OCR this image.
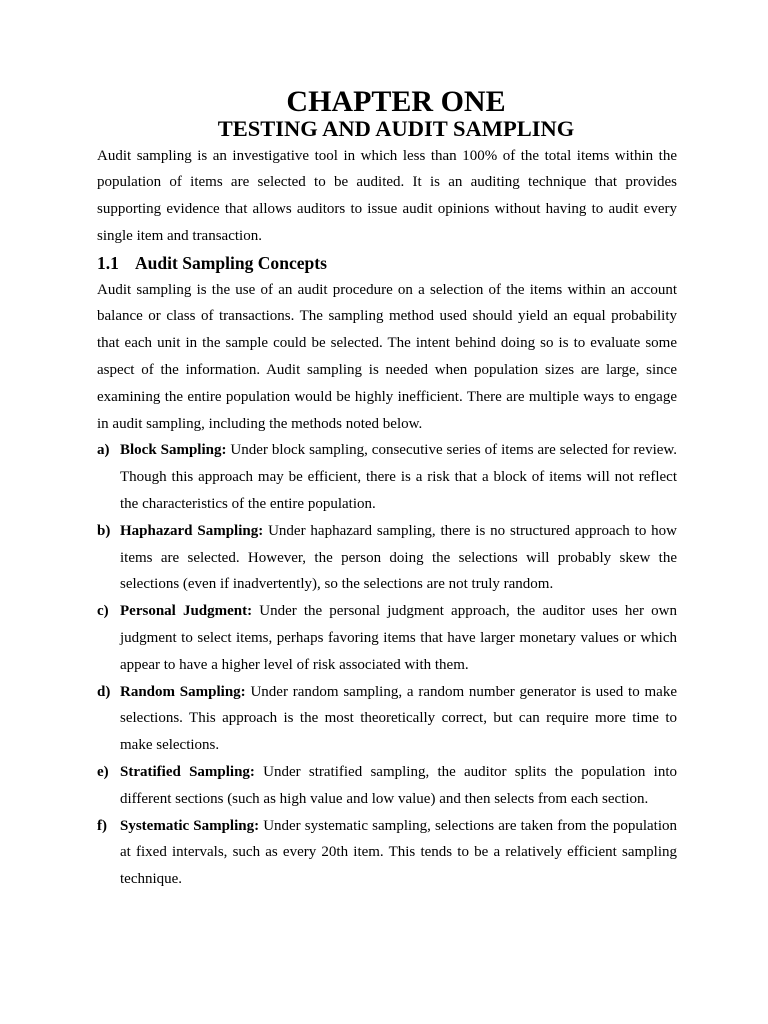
CHAPTER ONE
TESTING AND AUDIT SAMPLING

Audit sampling is an investigative tool in which less than 100% of the total items within the population of items are selected to be audited. It is an auditing technique that provides supporting evidence that allows auditors to issue audit opinions without having to audit every single item and transaction.

1.1 Audit Sampling Concepts

Audit sampling is the use of an audit procedure on a selection of the items within an account balance or class of transactions. The sampling method used should yield an equal probability that each unit in the sample could be selected. The intent behind doing so is to evaluate some aspect of the information. Audit sampling is needed when population sizes are large, since examining the entire population would be highly inefficient. There are multiple ways to engage in audit sampling, including the methods noted below.

a) Block Sampling: Under block sampling, consecutive series of items are selected for review. Though this approach may be efficient, there is a risk that a block of items will not reflect the characteristics of the entire population.
b) Haphazard Sampling: Under haphazard sampling, there is no structured approach to how items are selected. However, the person doing the selections will probably skew the selections (even if inadvertently), so the selections are not truly random.
c) Personal Judgment: Under the personal judgment approach, the auditor uses her own judgment to select items, perhaps favoring items that have larger monetary values or which appear to have a higher level of risk associated with them.
d) Random Sampling: Under random sampling, a random number generator is used to make selections. This approach is the most theoretically correct, but can require more time to make selections.
e) Stratified Sampling: Under stratified sampling, the auditor splits the population into different sections (such as high value and low value) and then selects from each section.
f) Systematic Sampling: Under systematic sampling, selections are taken from the population at fixed intervals, such as every 20th item. This tends to be a relatively efficient sampling technique.
